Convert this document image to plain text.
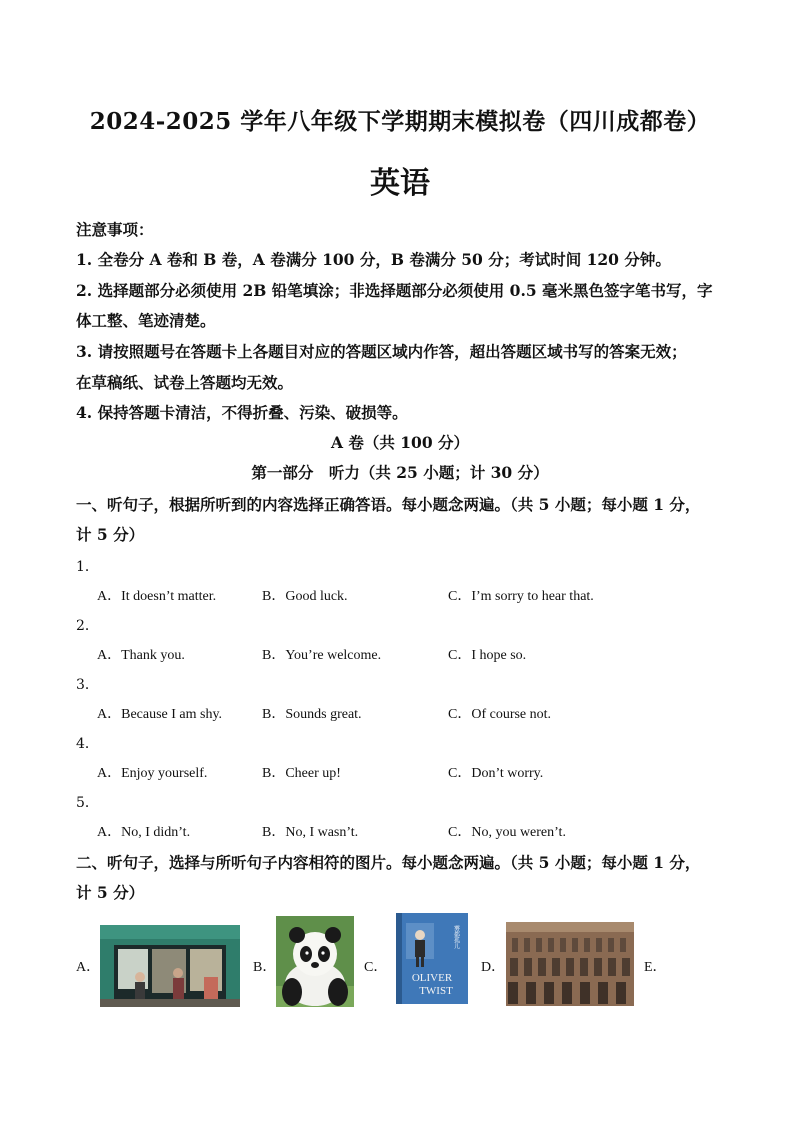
2024-2025 学年八年级下学期期末模拟卷（四川成都卷）
英语
注意事项：
1. 全卷分 A 卷和 B 卷，A 卷满分 100 分，B 卷满分 50 分；考试时间 120 分钟。
2. 选择题部分必须使用 2B 铅笔填涂；非选择题部分必须使用 0.5 毫米黑色签字笔书写，字
体工整、笔迹清楚。
3. 请按照题号在答题卡上各题目对应的答题区域内作答，超出答题区域书写的答案无效；
在草稿纸、试卷上答题均无效。
4. 保持答题卡清洁，不得折叠、污染、破损等。
A 卷（共 100 分）
第一部分　听力（共 25 小题；计 30 分）
一、听句子，根据所听到的内容选择正确答语。每小题念两遍。（共 5 小题；每小题 1 分，
计 5 分）
1．
A．It doesn’t matter.	B．Good luck.	C．I’m sorry to hear that.
2．
A．Thank you.	B．You’re welcome.	C．I hope so.
3．
A．Because I am shy.	B．Sounds great.	C．Of course not.
4．
A．Enjoy yourself.	B．Cheer up!	C．Don’t worry.
5．
A．No, I didn’t.	B．No, I wasn’t.	C．No, you weren’t.
二、听句子，选择与所听句子内容相符的图片。每小题念两遍。（共 5 小题；每小题 1 分，
计 5 分）
A．	B．	C．
雾都孤儿
OLIVER
TWIST
D．	E．
